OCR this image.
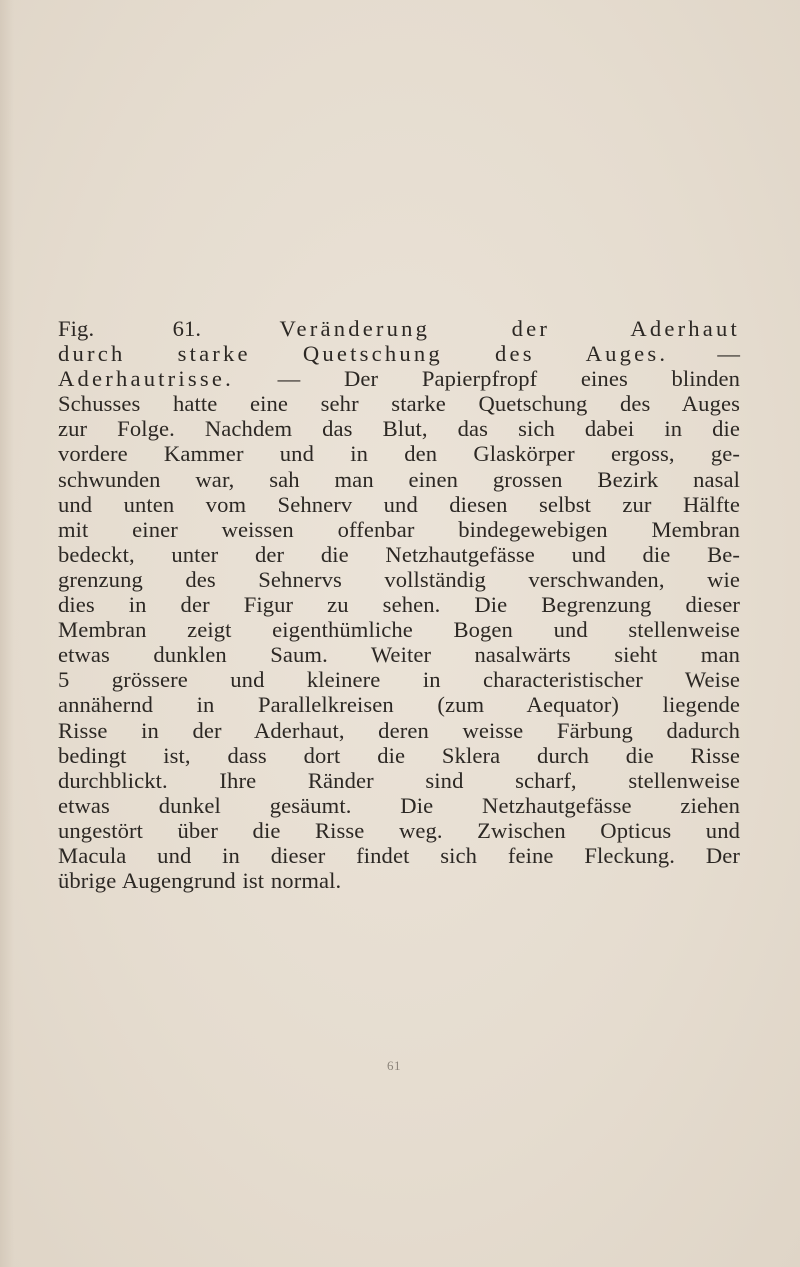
Fig. 61.	Veränderung der Aderhaut
durch starke Quetschung des Auges. —
Aderhautrisse. — Der Papierpfropf eines blinden
Schusses hatte eine sehr starke Quetschung des Auges
zur Folge. Nachdem das Blut, das sich dabei in die
vordere Kammer und in den Glaskörper ergoss, ge-
schwunden war, sah man einen grossen Bezirk nasal
und unten vom Sehnerv und diesen selbst zur Hälfte
mit einer weissen offenbar bindegewebigen Membran
bedeckt, unter der die Netzhautgefässe und die Be-
grenzung des Sehnervs vollständig verschwanden, wie
dies in der Figur zu sehen. Die Begrenzung dieser
Membran zeigt eigenthümliche Bogen und stellenweise
etwas dunklen Saum. Weiter nasalwärts sieht man
5 grössere und kleinere in characteristischer Weise
annähernd in Parallelkreisen (zum Aequator) liegende
Risse in der Aderhaut, deren weisse Färbung dadurch
bedingt ist, dass dort die Sklera durch die Risse
durchblickt. Ihre Ränder sind scharf, stellenweise
etwas dunkel gesäumt. Die Netzhautgefässe ziehen
ungestört über die Risse weg. Zwischen Opticus und
Macula und in dieser findet sich feine Fleckung. Der
übrige Augengrund ist normal.
61
